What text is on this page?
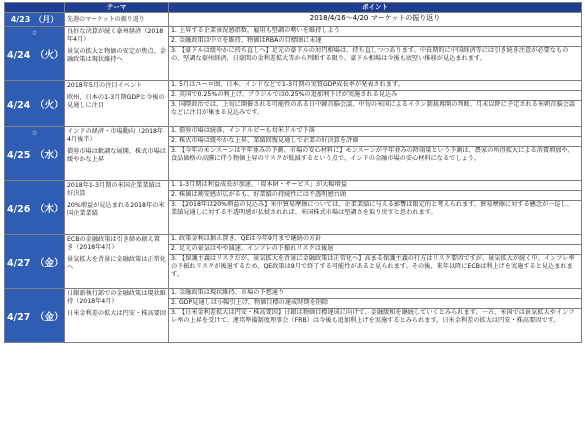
	テーマ	ポイント
4/23　（月）	先週のマーケットの振り返り	2018/4/16～4/20 マーケットの振り返り

☆
4/24　（火）	良好な決算が続く豪州経済（2018年4月）
景気の拡大と物価の安定が焦点、金融政策は現状維持へ	1. 上昇する企業景況感指数、雇用も堅調の勢いを維持しよう
		2. 金融政策は中立を維持、物価はRBAの目標圏に未達
		3. 【豪ドルは緩やかに持ち直しへ】足元の豪ドルの対円相場は、持ち直しつつあります。中長期的に中国経済等には引き続き注意が必要なものの、堅調な豪州経済、日豪間の金利差拡大等から判断する限り、豪ドル相場は今後も底堅い推移が見込まれます。
4/24　（火）	2018年5月の注目イベント
欧州、日本の1-3月期GDPと今後の見通しに注目	1. 5月はユーロ圏、日本、インドなどで1-3月期の実質GDP成長率が発表されます。
		2. 英国で0.25%の利上げ、ブラジルでは0.25%の追加利下げが実施される見込み
		3. 国際政治では、上旬に開催される可能性のある日中韓首脳会談、中旬の米国によるイラン制裁再開の判断、月末以降に予定される米朝首脳会談などに注目が集まる見込みです。

☆
4/25　（水）	インドの経済・市場動向（2018年4月後半）
債券市場は軟調な展開、株式市場は緩やかな上昇	1. 債券市場は続落、インドルピーも対米ドルで下落
		2. 株式市場は緩やかな上昇、業績回復見通しで企業の好決算を評価
		3. 【今年のモンスーンは平年並みの予測、市場の安心材料に】モンスーンが平年並みの降雨量という予測は、農家の所得拡大による消費増加や、食品価格の高騰に伴う物価上昇のリスクが低減するという点で、インドの金融市場の安心材料になるでしょう。
4/26　（木）	2018年1-3月期の米国企業業績は好決算
20%増益が見込まれる2018年の米国企業業績	1. 1-3月期は利益成長が加速、「資本財・サービス」が大幅増益
		2. 株価は割安感が広がるも、好業績の持続性には不透明感台頭
		3. 【2018年は20%増益の見込み】米中貿易摩擦については、企業業績に与える影響は限定的と考えられます。貿易摩擦に対する懸念が一巡し、業績見通しに対する不透明感が払拭されれば、米国株式市場は堅調さを取り戻すと思われます。
4/27　（金）	ECBの金融政策は引き締め据え置き（2018年4月）
景気拡大を背景に金融政策は正常化へ	1. 政策金利は据え置き、QEは今年9月まで継続の方針
		2. 足元の景気はやや減速、インフレの下振れリスクは後退
		3. 【保護主義はリスクだが、景気拡大を背景に金融政策は正常化へ】高まる保護主義の行方はリスク要因ですが、景気拡大が続く中、インフレ率の下振れリスクが後退するため、QE政策は9月で終了する可能性があると見られます。その後、来年以降にECBは利上げを実施すると見込まれます。
4/27　（金）	日銀新執行部での金融政策は現状維持（2018年4月）
日米金利差の拡大は円安・株高要因	1. 金融政策は現状維持、市場の予想通り
		2. GDP見通しは小幅引上げ、物価目標の達成時期を削除
		3. 【日米金利差拡大は円安・株高要因】日銀は物価目標達成に向けて、金融緩和を継続していくとみられます。一方、米国では景気拡大やインフレ率の上昇を受けて、連邦準備制度理事会（FRB）は今後も追加利上げを実施するとみられます。日米金利差の拡大は円安・株高要因です。
